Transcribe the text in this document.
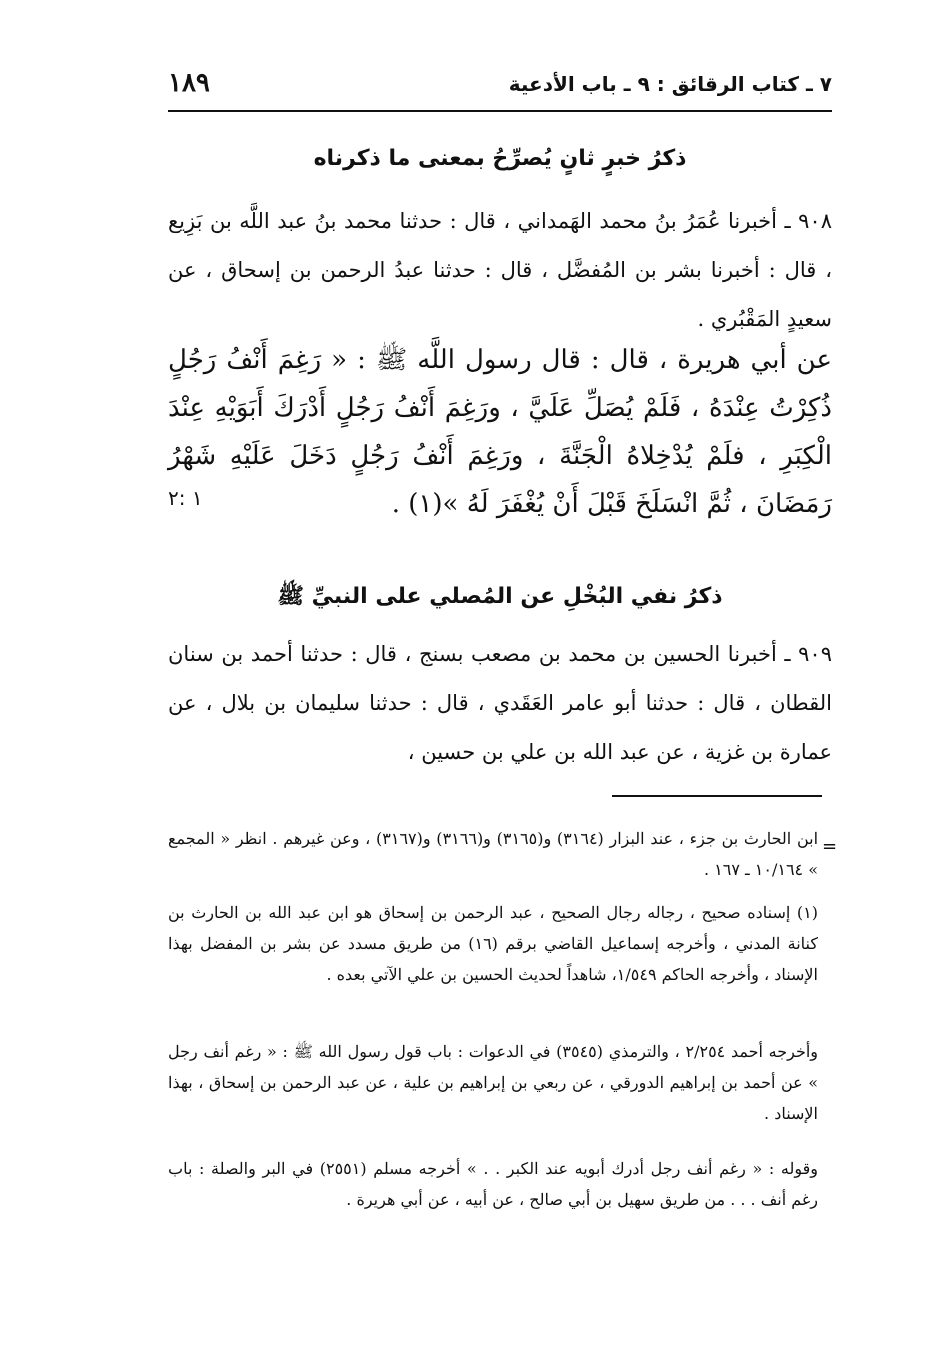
٧ ـ كتاب الرقائق : ٩ ـ باب الأدعية
١٨٩
ذكرُ خبرٍ ثانٍ يُصرِّحُ بمعنى ما ذكرناه
٩٠٨ ـ أخبرنا عُمَرُ بنُ محمد الهَمداني ، قال : حدثنا محمد بنُ عبد اللَّه بن بَزِيع ، قال : أخبرنا بشر بن المُفضَّل ، قال : حدثنا عبدُ الرحمن بن إسحاق ، عن سعيدٍ المَقْبُري .
عن أبي هريرة ، قال : قال رسول اللَّه ﷺ : « رَغِمَ أَنْفُ رَجُلٍ ذُكِرْتُ عِنْدَهُ ، فَلَمْ يُصَلِّ عَلَيَّ ، ورَغِمَ أَنْفُ رَجُلٍ أَدْرَكَ أَبَوَيْهِ عِنْدَ الْكِبَرِ ، فلَمْ يُدْخِلاهُ الْجَنَّةَ ، ورَغِمَ أَنْفُ رَجُلٍ دَخَلَ عَلَيْهِ شَهْرُ رَمَضَانَ ، ثُمَّ انْسَلَخَ قَبْلَ أَنْ يُغْفَرَ لَهُ »(١) .
١ :٢
ذكرُ نفي البُخْلِ عن المُصلي على النبيِّ ﷺ
٩٠٩ ـ أخبرنا الحسين بن محمد بن مصعب بسنج ، قال : حدثنا أحمد بن سنان القطان ، قال : حدثنا أبو عامر العَقَدي ، قال : حدثنا سليمان بن بلال ، عن عمارة بن غزية ، عن عبد الله بن علي بن حسين ،
=
ابن الحارث بن جزء ، عند البزار (٣١٦٤) و(٣١٦٥) و(٣١٦٦) و(٣١٦٧) ، وعن غيرهم . انظر « المجمع » ١٠/١٦٤ ـ ١٦٧ .
(١) إسناده صحيح ، رجاله رجال الصحيح ، عبد الرحمن بن إسحاق هو ابن عبد الله بن الحارث بن كنانة المدني ، وأخرجه إسماعيل القاضي برقم (١٦) من طريق مسدد عن بشر بن المفضل بهذا الإسناد ، وأخرجه الحاكم ١/٥٤٩، شاهداً لحديث الحسين بن علي الآتي بعده .
وأخرجه أحمد ٢/٢٥٤ ، والترمذي (٣٥٤٥) في الدعوات : باب قول رسول الله ﷺ : « رغم أنف رجل » عن أحمد بن إبراهيم الدورقي ، عن ربعي بن إبراهيم بن علية ، عن عبد الرحمن بن إسحاق ، بهذا الإسناد .
وقوله : « رغم أنف رجل أدرك أبويه عند الكبر . . » أخرجه مسلم (٢٥٥١) في البر والصلة : باب رغم أنف . . . من طريق سهيل بن أبي صالح ، عن أبيه ، عن أبي هريرة .
